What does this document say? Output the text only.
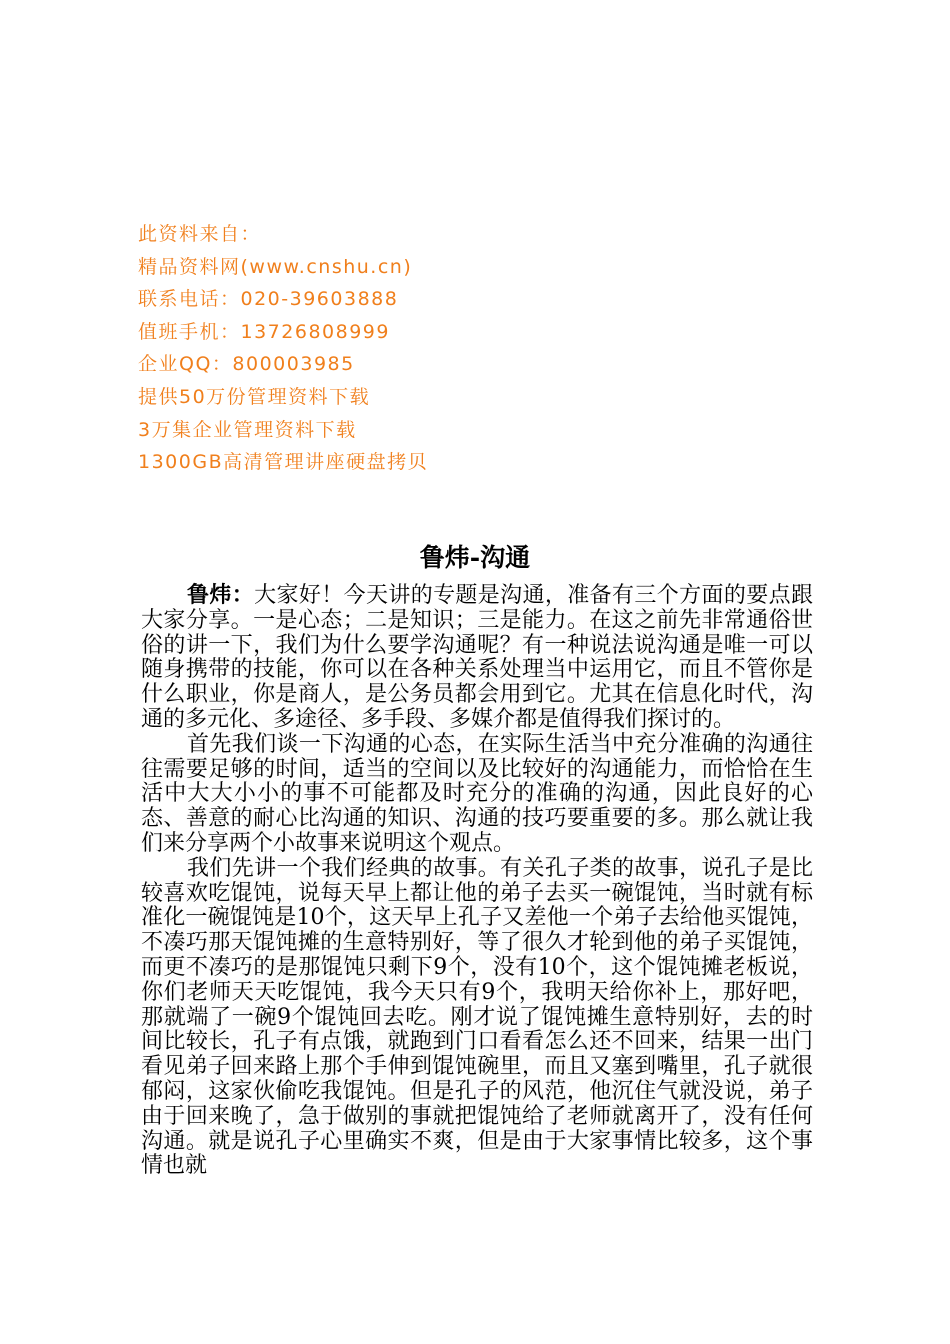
此资料来自：
精品资料网(www.cnshu.cn)
联系电话：020-39603888
值班手机：13726808999
企业QQ：800003985
提供50万份管理资料下载
3万集企业管理资料下载
1300GB高清管理讲座硬盘拷贝
鲁炜-沟通

鲁炜：大家好！今天讲的专题是沟通，准备有三个方面的要点跟大家分享。一是心态；二是知识；三是能力。在这之前先非常通俗世俗的讲一下，我们为什么要学沟通呢？有一种说法说沟通是唯一可以随身携带的技能，你可以在各种关系处理当中运用它，而且不管你是什么职业，你是商人，是公务员都会用到它。尤其在信息化时代，沟通的多元化、多途径、多手段、多媒介都是值得我们探讨的。

首先我们谈一下沟通的心态，在实际生活当中充分准确的沟通往往需要足够的时间，适当的空间以及比较好的沟通能力，而恰恰在生活中大大小小的事不可能都及时充分的准确的沟通，因此良好的心态、善意的耐心比沟通的知识、沟通的技巧要重要的多。那么就让我们来分享两个小故事来说明这个观点。

我们先讲一个我们经典的故事。有关孔子类的故事，说孔子是比较喜欢吃馄饨，说每天早上都让他的弟子去买一碗馄饨，当时就有标准化一碗馄饨是10个，这天早上孔子又差他一个弟子去给他买馄饨，不凑巧那天馄饨摊的生意特别好，等了很久才轮到他的弟子买馄饨，而更不凑巧的是那馄饨只剩下9个，没有10个，这个馄饨摊老板说，你们老师天天吃馄饨，我今天只有9个，我明天给你补上，那好吧，那就端了一碗9个馄饨回去吃。刚才说了馄饨摊生意特别好，去的时间比较长，孔子有点饿，就跑到门口看看怎么还不回来，结果一出门看见弟子回来路上那个手伸到馄饨碗里，而且又塞到嘴里，孔子就很郁闷，这家伙偷吃我馄饨。但是孔子的风范，他沉住气就没说，弟子由于回来晚了，急于做别的事就把馄饨给了老师就离开了，没有任何沟通。就是说孔子心里确实不爽，但是由于大家事情比较多，这个事情也就
